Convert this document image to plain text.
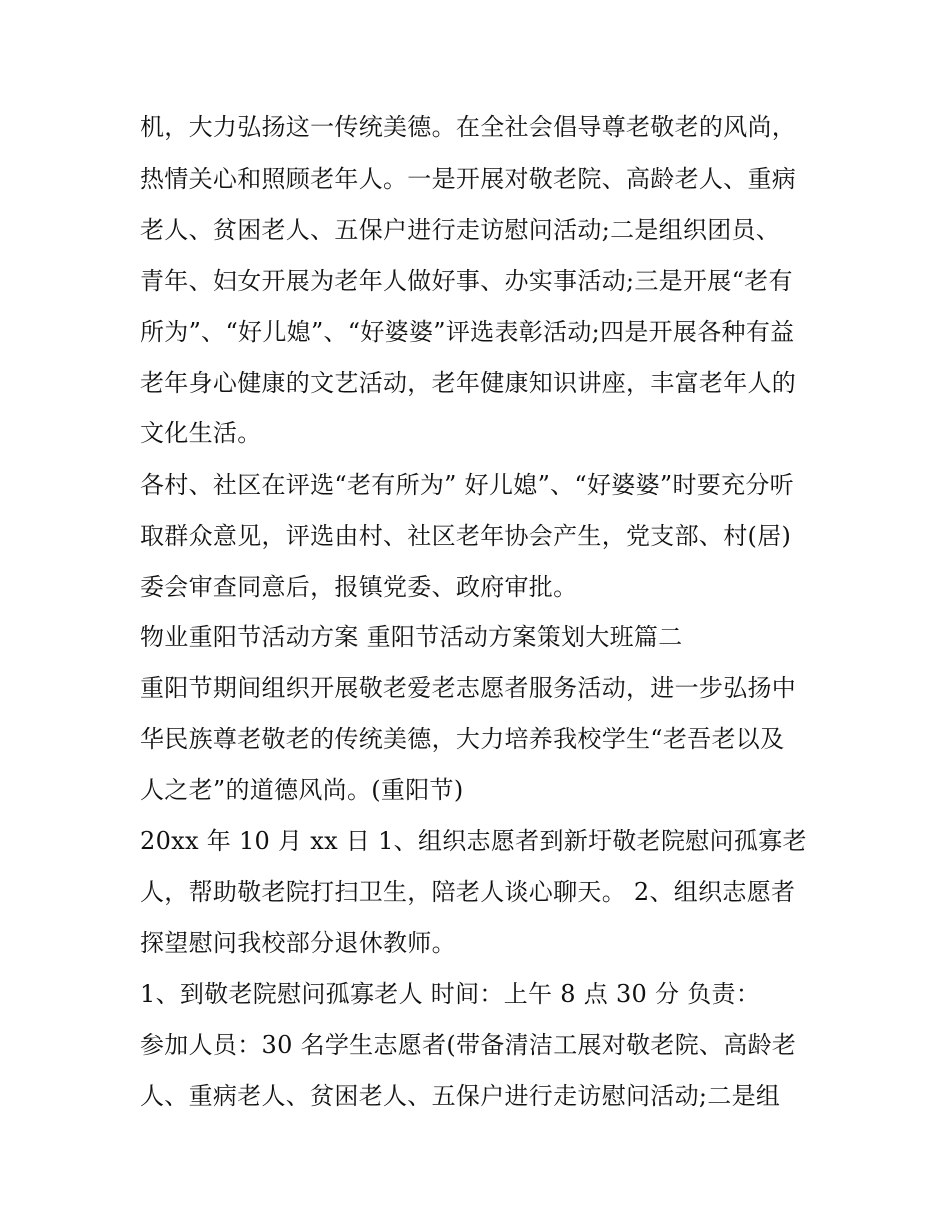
机，大力弘扬这一传统美德。在全社会倡导尊老敬老的风尚，
热情关心和照顾老年人。一是开展对敬老院、高龄老人、重病
老人、贫困老人、五保户进行走访慰问活动;二是组织团员、
青年、妇女开展为老年人做好事、办实事活动;三是开展“老有
所为”、“好儿媳”、“好婆婆”评选表彰活动;四是开展各种有益
老年身心健康的文艺活动，老年健康知识讲座，丰富老年人的
文化生活。
各村、社区在评选“老有所为” 好儿媳”、“好婆婆”时要充分听
取群众意见，评选由村、社区老年协会产生，党支部、村(居)
委会审查同意后，报镇党委、政府审批。
物业重阳节活动方案 重阳节活动方案策划大班篇二
重阳节期间组织开展敬老爱老志愿者服务活动，进一步弘扬中
华民族尊老敬老的传统美德，大力培养我校学生“老吾老以及
人之老”的道德风尚。(重阳节)
20xx 年 10 月 xx 日 1、组织志愿者到新圩敬老院慰问孤寡老
人，帮助敬老院打扫卫生，陪老人谈心聊天。 2、组织志愿者
探望慰问我校部分退休教师。
1、到敬老院慰问孤寡老人 时间：上午 8 点 30 分 负责：
参加人员：30 名学生志愿者(带备清洁工展对敬老院、高龄老
人、重病老人、贫困老人、五保户进行走访慰问活动;二是组
